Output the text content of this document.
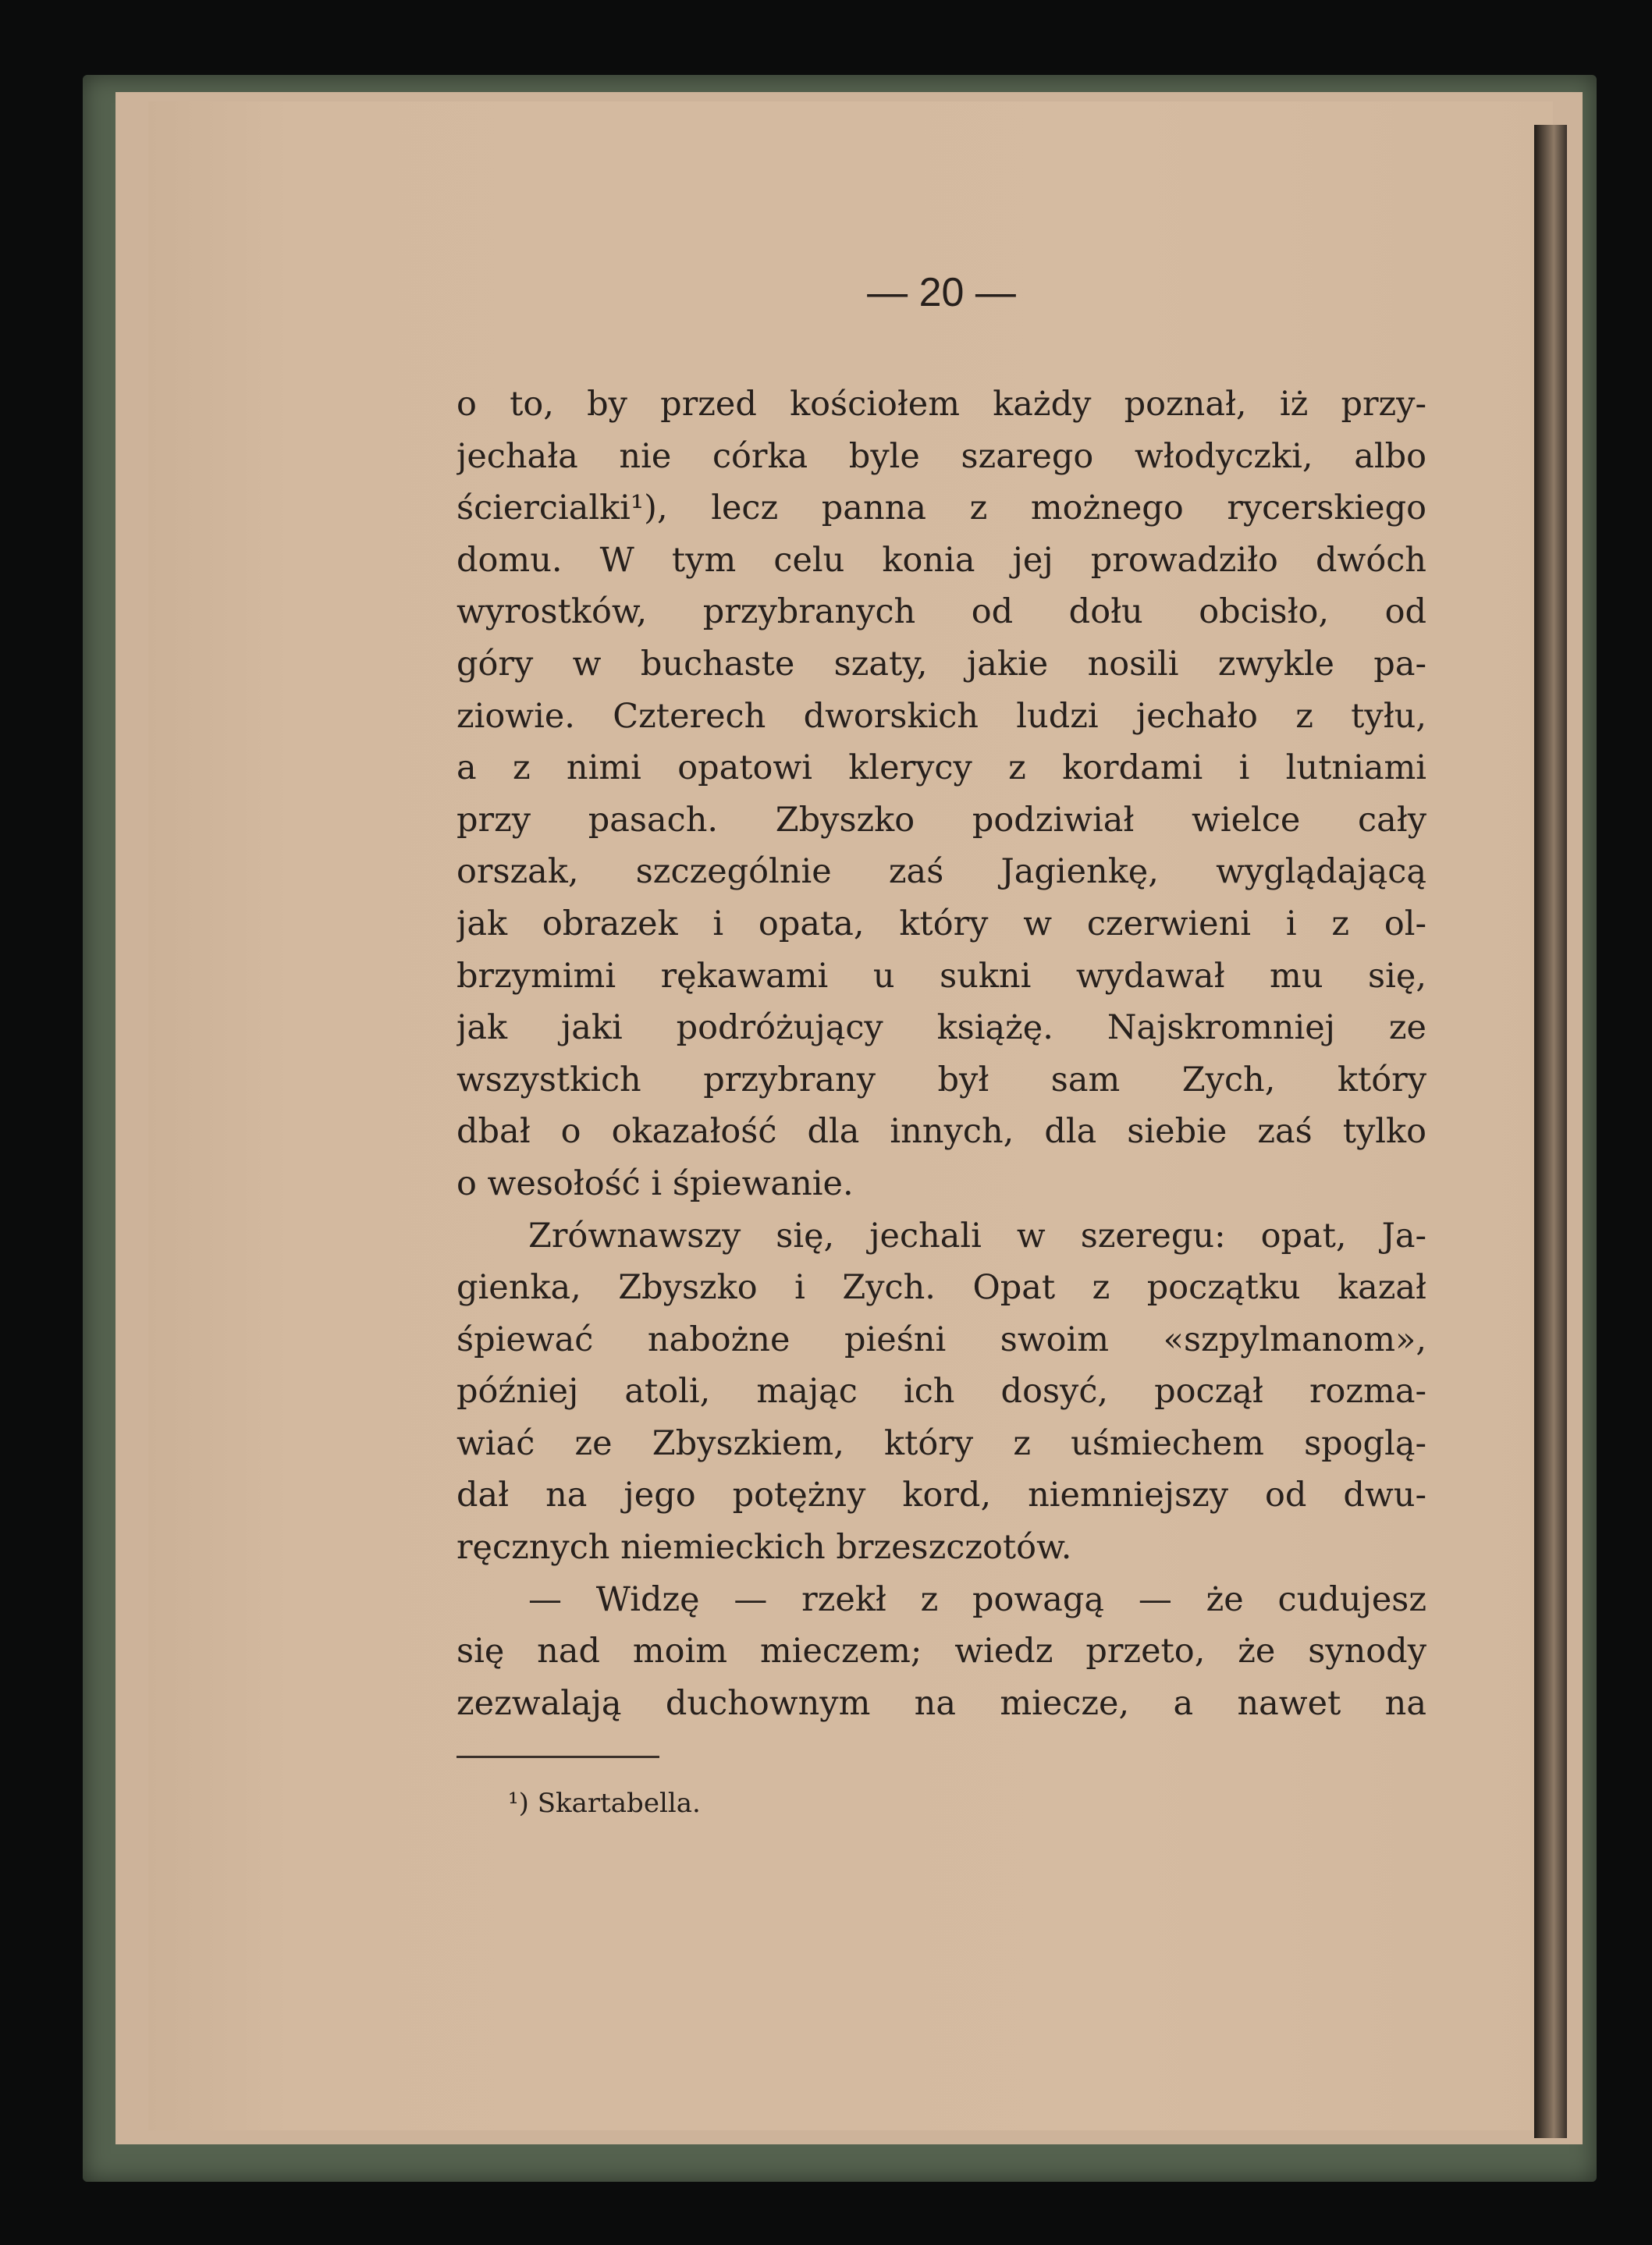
— 20 —

o to, by przed kościołem każdy poznał, iż przy-
jechała nie córka byle szarego włodyczki, albo
ściercialki¹), lecz panna z możnego rycerskiego
domu. W tym celu konia jej prowadziło dwóch
wyrostków, przybranych od dołu obcisło, od
góry w buchaste szaty, jakie nosili zwykle pa-
ziowie. Czterech dworskich ludzi jechało z tyłu,
a z nimi opatowi klerycy z kordami i lutniami
przy pasach. Zbyszko podziwiał wielce cały
orszak, szczególnie zaś Jagienkę, wyglądającą
jak obrazek i opata, który w czerwieni i z ol-
brzymimi rękawami u sukni wydawał mu się,
jak jaki podróżujący książę. Najskromniej ze
wszystkich przybrany był sam Zych, który
dbał o okazałość dla innych, dla siebie zaś tylko
o wesołość i śpiewanie.

Zrównawszy się, jechali w szeregu: opat, Ja-
gienka, Zbyszko i Zych. Opat z początku kazał
śpiewać nabożne pieśni swoim «szpylmanom»,
później atoli, mając ich dosyć, począł rozma-
wiać ze Zbyszkiem, który z uśmiechem spoglą-
dał na jego potężny kord, niemniejszy od dwu-
ręcznych niemieckich brzeszczotów.

— Widzę — rzekł z powagą — że cudujesz
się nad moim mieczem; wiedz przeto, że synody
zezwalają duchownym na miecze, a nawet na

¹) Skartabella.
